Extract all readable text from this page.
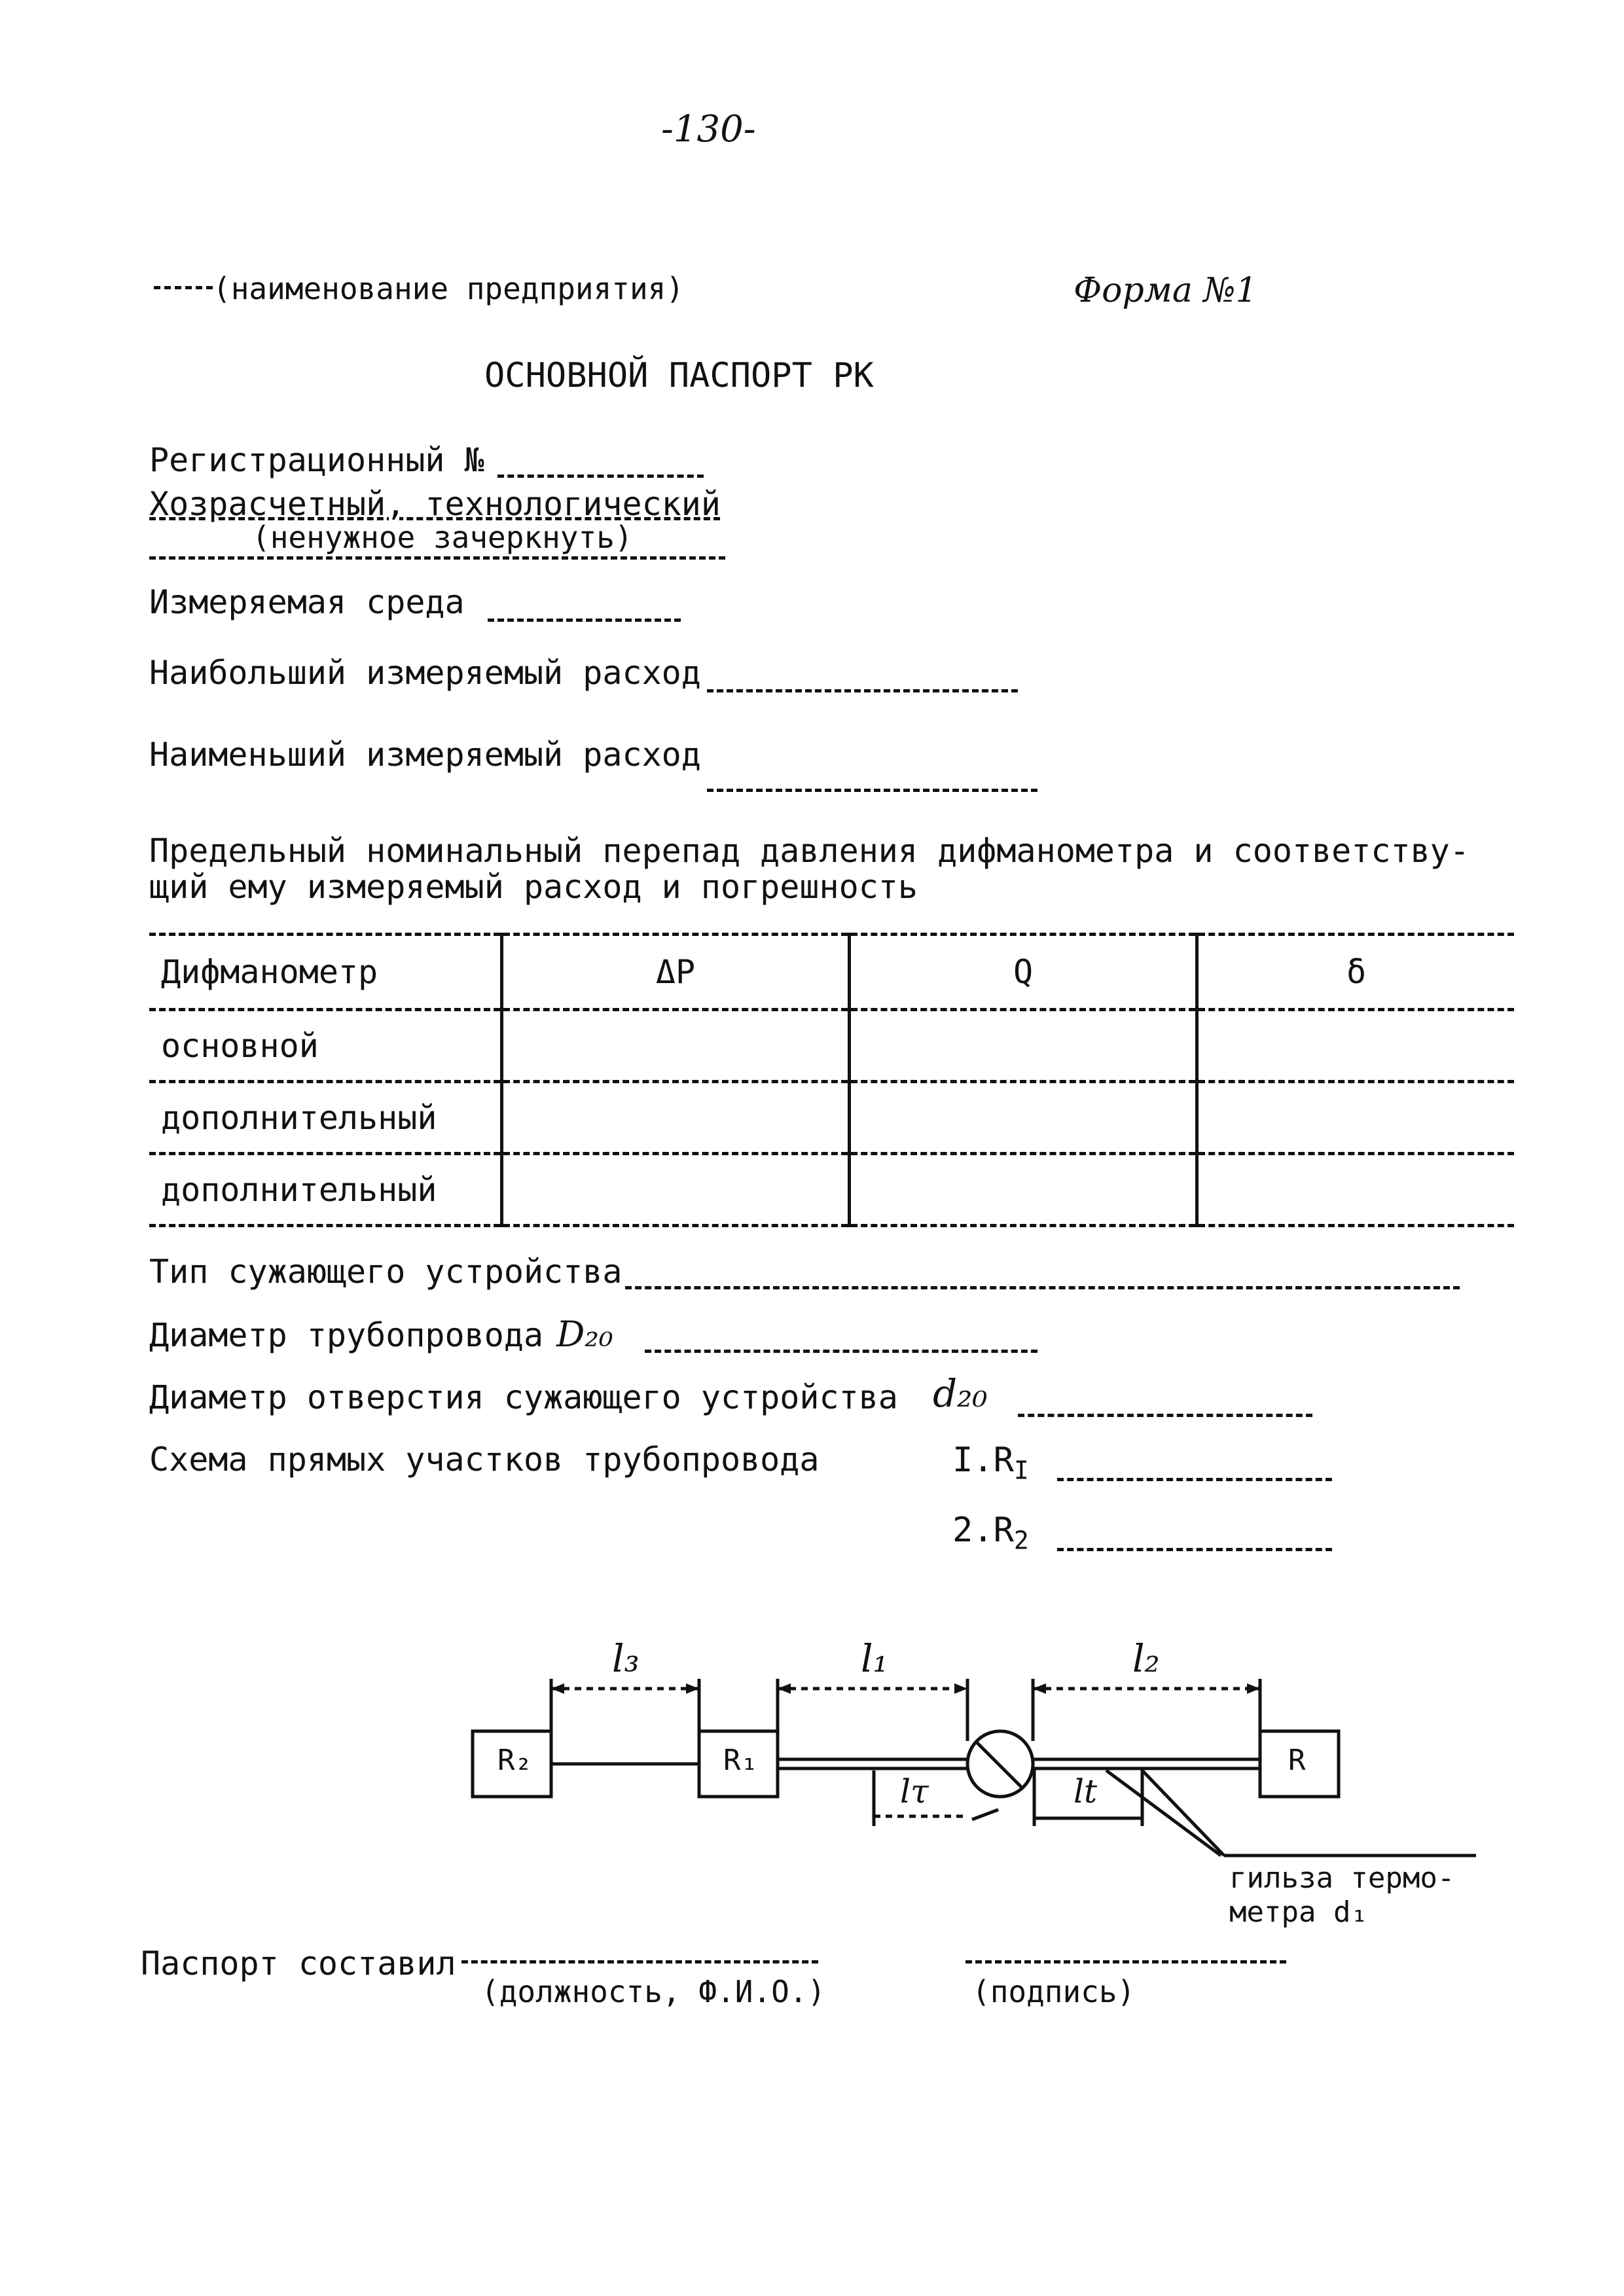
-130-
(наименование предприятия)	Форма №1
ОСНОВНОЙ ПАСПОРТ РК
Регистрационный №
Хозрасчетный, технологический
(ненужное зачеркнуть)
Измеряемая среда
Наибольший измеряемый расход
Наименьший измеряемый расход
Предельный номинальный перепад давления дифманометра и соответству-
щий ему измеряемый расход и погрешность
Дифманометр	ΔP	Q	δ
основной			
дополнительный			
дополнительный			
Тип сужающего устройства
Диаметр трубопровода D₂₀
Диаметр отверстия сужающего устройства d₂₀
Схема прямых участков трубопровода	$I.R_I$
$2.R_2$
R₂	R₁	R
l₃	l₁	l₂
lτ	lt
гильза термо-
метра d₁
Паспорт составил
(должность, Ф.И.О.)	(подпись)
